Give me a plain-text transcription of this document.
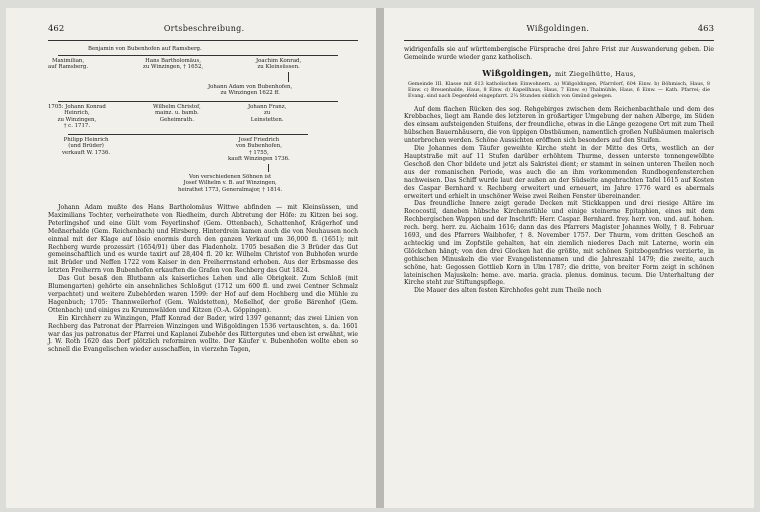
462	Ortsbeschreibung.
Benjamin von Bubenhofen auf Ramsberg.
Maximilian,
auf Ramsberg.
Hans Bartholomäus,
zu Winzingen, † 1652,
Joachim Konrad,
zu Kleinsüssen.
Johann Adam von Bubenhofen,
zu Winzingen 1622 ff.
1705: Johann Konrad
Heinrich,
zu Winzingen,
† c. 1717.
Wilhelm Christof,
mainz. u. bamb.
Geheimrath.
Johann Franz,
zu
Leinstetten.
Philipp Heinrich
(und Brüder)
verkauft W. 1736.
Josef Friedrich
von Bubenhofen,
† 1755,
kauft Winzingen 1736.
Von verschiedenen Söhnen ist
Josef Wilhelm v. B. auf Winzingen,
heirathet 1773, Generalmajor, † 1814.

Johann Adam mußte des Hans Bartholomäus Wittwe abfinden — mit Kleinsüssen, und Maximilians Tochter, verheirathete von Riedheim, durch Abtretung der Höfe: zu Kitzen bei sog. Peterlingshof und eine Gült vom Feyerlinshof (Gem. Ottenbach), Schattenhof, Krägerhof und Meßnerhalde (Gem. Reichenbach) und Hirsberg. Hinterdrein kamen auch die von Neuhausen noch einmal mit der Klage auf lösio enormis durch den ganzen Verkauf um 36,000 fl. (1651); mit Rechberg wurde prozessirt (1654/91) über das Fladenholz. 1705 besaßen die 3 Brüder das Gut gemeinschaftlich und es wurde taxirt auf 28,404 fl. 20 kr. Wilhelm Christof von Bubhofen wurde mit Brüder und Neffen 1722 vom Kaiser in den Freiherrnstand erhoben. Aus der Erbsmasse des letzten Freiherrn von Bubenhofen erkauften die Grafen von Rechberg das Gut 1824.

Das Gut besaß den Blutbann als kaiserliches Lehen und alle Obrigkeit. Zum Schloß (mit Blumengarten) gehörte ein ansehnliches Schloßgut (1712 um 600 fl. und zwei Centner Schmalz verpachtet) und weitere Zubehörden waren 1599: der Hof auf dem Hochberg und die Mühle zu Hagenbuch; 1705: Thannweilerhof (Gem. Waldstetten), Meßelhof, der große Bärenhof (Gem. Ottenbach) und einiges zu Krummwälden und Kitzen (O.-A. Göppingen).

Ein Kirchherr zu Winzingen, Pfaff Konrad der Bader, wird 1397 genannt; das zwei Linien von Rechberg das Patronat der Pfarreien Winzingen und Wißgoldingen 1536 vertauschten, s. da. 1601 war das jus patronatus der Pfarrei und Kaplanei Zubehör des Rittergutes und eben ist erwähnt, wie J. W. Roth 1620 das Dorf plötzlich reformiren wollte. Der Käufer v. Bubenhofen wollte eben so schnell die Evangelischen wieder ausschaffen, in vierzehn Tagen,

Wißgoldingen.	463

widrigenfalls sie auf württembergische Fürsprache drei Jahre Frist zur Auswanderung geben. Die Gemeinde wurde wieder ganz katholisch.

Wißgoldingen, mit Ziegelhütte, Haus,
Gemeinde III. Klasse mit 613 katholischen Einwohnern. a) Wißgoldingen, Pfarrdorf, 604 Einw. b) Böhmisch, Haus, 8 Einw. c) Breuenhalde, Haus, 8 Einw. d) Kapellhaus, Haus, 7 Einw. e) Thalmühle, Haus, 6 Einw. — Kath. Pfarrei; die Evang. sind nach Degenfeld eingepfarrt. 2¼ Stunden südlich von Gmünd gelegen.

Auf dem flachen Rücken des sog. Rehgebirges zwischen dem Reichenbachthale und dem des Krebbaches, liegt am Rande des letzteren in großartiger Umgebung der nahen Alberge, im Süden des einsam aufsteigenden Stuifens, der freundliche, etwas in die Länge gezogene Ort mit zum Theil hübschen Bauernhäusern, die von üppigen Obstbäumen, namentlich großen Nußbäumen malerisch unterbrochen werden. Schöne Aussichten eröffnen sich besonders auf den Stuifen.

Die Johannes dem Täufer geweihte Kirche steht in der Mitte des Orts, westlich an der Hauptstraße mit auf 11 Stufen darüber erhöhtem Thurme, dessen unterste tonnengewölbte Geschoß den Chor bildete und jetzt als Sakristei dient; er stammt in seinen unteren Theilen noch aus der romanischen Periode, was auch die an ihm vorkommenden Rundbogenfensterchen nachweisen. Das Schiff wurde laut der außen an der Südseite angebrachten Tafel 1615 auf Kosten des Caspar Bernhard v. Rechberg erweitert und erneuert, im Jahre 1776 ward es abermals erweitert und erhielt in unschöner Weise zwei Reihen Fenster übereinander.

Das freundliche Innere zeigt gerade Decken mit Stickkappen und drei riesige Altäre im Rococostil, daneben hübsche Kirchenstühle und einige steinerne Epitaphien, eines mit dem Rechbergischen Wappen und der Inschrift: Herr. Caspar. Bernhard. frey. herr. von. und. auf. hohen. rech. berg. herr. zu. Aichaim 1616; dann das des Pfarrers Magister Johannes Wolly, † 8. Februar 1693, und des Pfarrers Waibhofer, † 8. November 1757. Der Thurm, vom dritten Geschoß an achteckig und im Zopfstile gehalten, hat ein ziemlich niederes Dach mit Laterne, worin ein Glöckchen hängt; von den drei Glocken hat die größte, mit schönen Spitzbogenfries verzierte, in gothischen Minuskeln die vier Evangelistennamen und die Jahreszahl 1479; die zweite, auch schöne, hat: Gegossen Gottlieb Korn in Ulm 1787; die dritte, von breiter Form zeigt in schönen lateinischen Majuskeln: heme. ave. maria. gracia. plenus. dominus. tecum. Die Unterhaltung der Kirche steht zur Stiftungspflege.

Die Mauer des alten festen Kirchhofes geht zum Theile noch
